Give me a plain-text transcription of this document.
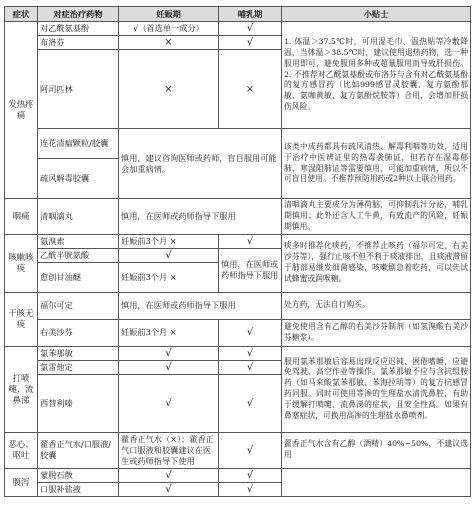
症状	对症治疗药物	妊娠期	哺乳期	小贴士
发热疼痛	对乙酰氨基酚	√（首选单一成分）	√	1. 体温＞37.5℃时，可用湿毛巾、温热贴等冷敷降温，当体温＞38.5℃时，建议使用退热药物，选一种服用即可，避免服用多种或超量服用而导致肝损伤。2. 不推荐对乙酰氨基酚或布洛芬与含有对乙酰氨基酚的复方感冒药（比如999感冒灵胶囊、复方氨酚那敏、氨咖黄敏、复方氨酚烷胺等）合用，会增加肝损伤风险。
	布洛芬	×	√	
	阿司匹林	×	×	
	连花清瘟颗粒/胶囊	慎用，建议咨询医师或药师，盲目服用可能会加重病情。		该类中成药都具有疏风清热、解毒利咽等功效，适用于治疗中医辨证里的热毒袭肺证，但若存在湿毒郁肺、寒湿阻肺证等需要慎用，可能加重病情，所以不可盲目使用。不推荐预防用药或2种以上联合用药。
	疏风解毒胶囊			
咽痛	清咽滴丸	慎用，在医师或药师指导下服用		清咽滴丸主要成分为薄荷脑，可抑制乳汁分泌，哺乳期慎用；此外还含人工牛黄，有致流产的风险，妊娠期慎用。
咳嗽咳痰	氨溴索	妊娠前3个月 ×	√	痰多时推荐化痰药，不推荐止咳药（福尔可定、右美沙芬等），强行止咳不但不利于痰液排出，且痰液滞留于肺部易继发细菌感染，咳嗽剧急着吃药，可以先试试蜂蜜或润喉糖。
	乙酰半胱氨酸	√	慎用，在医师或药师指导下服用	
	愈创甘油醚	妊娠前3个月 ×		
干咳无痰	福尔可定	慎用，在医师或药师指导下服用		处方药，无法自行购买。
	右美沙芬	妊娠前3个月 ×	√	避免使用含有乙醇的右美沙芬制剂（如氢溴酸右美沙芬糖浆）。
打喷嚏、流鼻涕	氯苯那敏	√	√	服用氯苯那敏后容易出现反应迟钝、困倦嗜睡，应避免驾驶、高空作业等操作。氯苯那敏不应与含抗组胺药（如马来酸氯苯那敏、苯海拉明等）的复方抗感冒药同服。同时可使用等渗的生理盐水清洗鼻腔，有助于缓解打喷嚏、流鼻涕的症状，且安全性高。如果有鼻塞症状，可换用高渗的生理盐水鼻喷剂。
	氯雷他定	√	√	
	西替利嗪	√	√	
恶心、呕吐	藿香正气水/口服液/胶囊	藿香正气水（×）；藿香正气口服液和胶囊建议在医生或药师指导下使用	√	藿香正气水含有乙醇（酒精）40%~50%，不建议选用
腹泻	蒙脱石散	√	√	
	口服补盐液	√	√	
